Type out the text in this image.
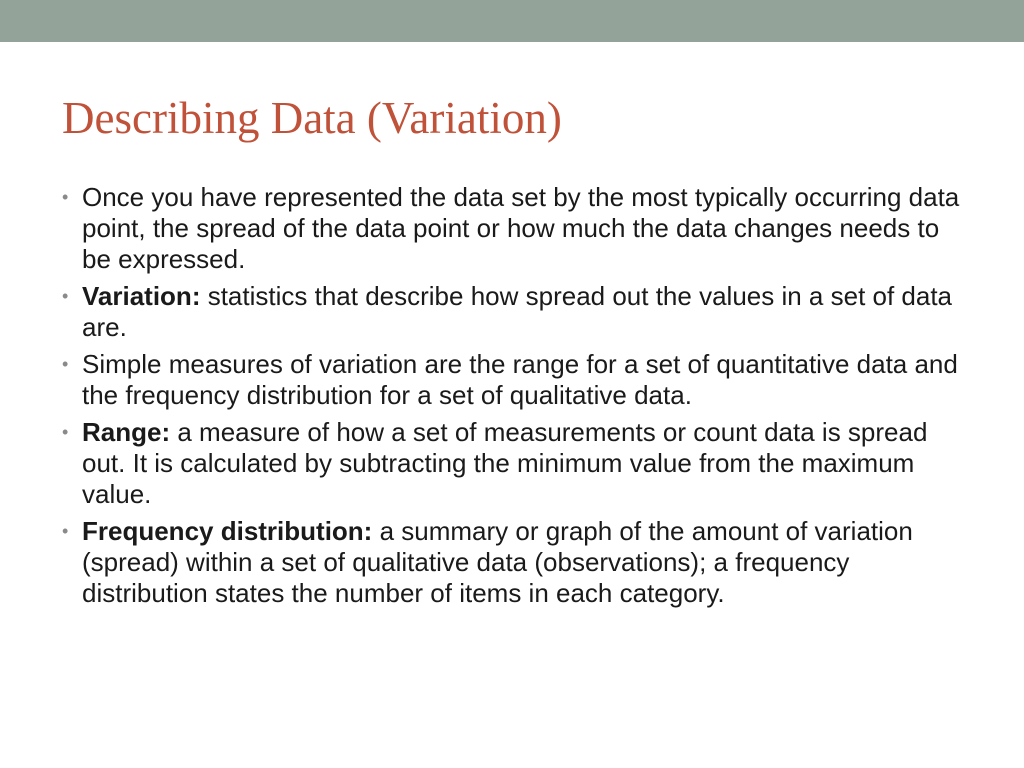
Describing Data (Variation)
• Once you have represented the data set by the most typically occurring data point, the spread of the data point or how much the data changes needs to be expressed.
• Variation: statistics that describe how spread out the values in a set of data are.
• Simple measures of variation are the range for a set of quantitative data and the frequency distribution for a set of qualitative data.
• Range: a measure of how a set of measurements or count data is spread out. It is calculated by subtracting the minimum value from the maximum value.
• Frequency distribution: a summary or graph of the amount of variation (spread) within a set of qualitative data (observations); a frequency distribution states the number of items in each category.
